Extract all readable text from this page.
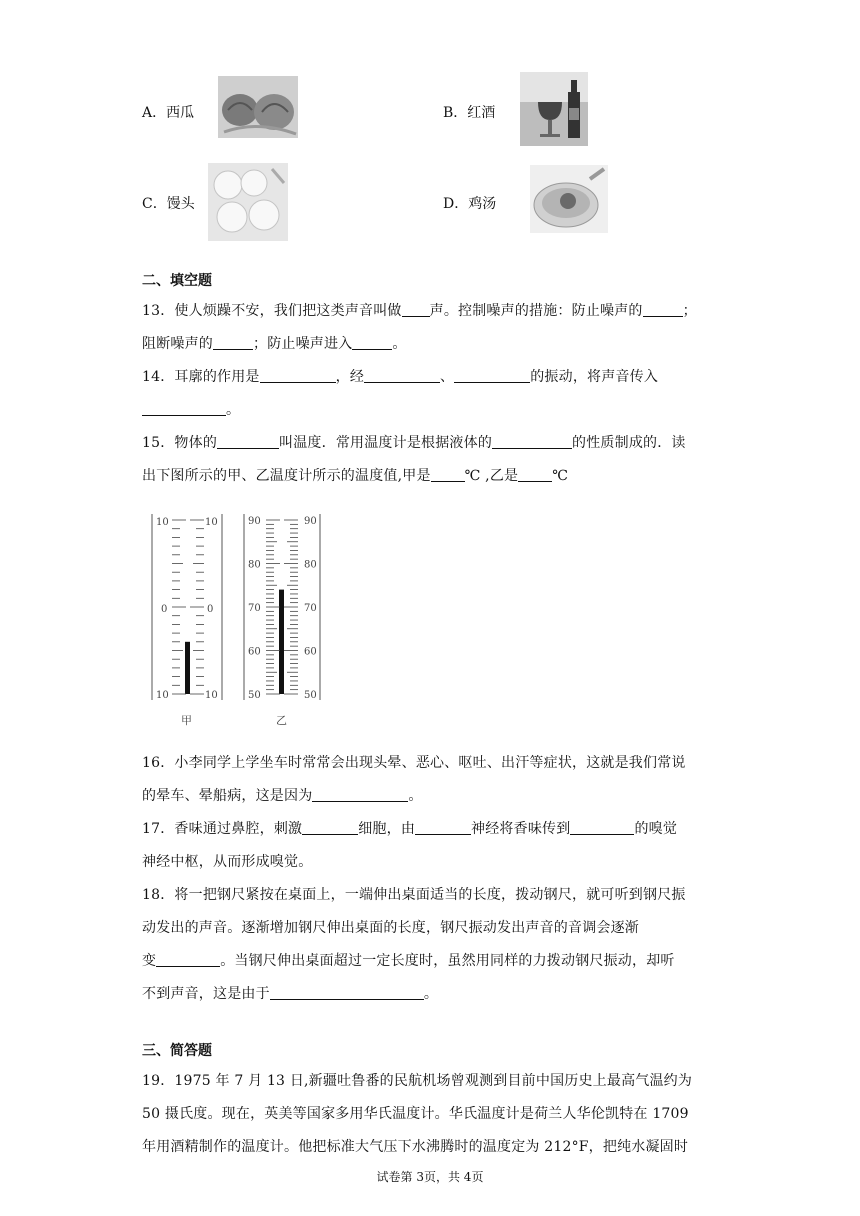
A．西瓜	B．红酒
C．馒头	D．鸡汤
二、填空题
13．使人烦躁不安，我们把这类声音叫做 声。控制噪声的措施：防止噪声的	；
阻断噪声的	；防止噪声进入	。
14．耳廓的作用是	，经	、	的振动，将声音传入
。
15．物体的	叫温度．常用温度计是根据液体的	的性质制成的．读
出下图所示的甲、乙温度计所示的温度值,甲是 ℃ ,乙是 ℃
10	10
0	0
10	10
甲
90	90
80	80
70	70
60	60
50	50
乙
16．小李同学上学坐车时常常会出现头晕、恶心、呕吐、出汗等症状，这就是我们常说
的晕车、晕船病，这是因为	。
17．香味通过鼻腔，刺激	细胞，由	神经将香味传到	的嗅觉
神经中枢，从而形成嗅觉。
18．将一把钢尺紧按在桌面上，一端伸出桌面适当的长度，拨动钢尺，就可听到钢尺振
动发出的声音。逐渐增加钢尺伸出桌面的长度，钢尺振动发出声音的音调会逐渐
变	。当钢尺伸出桌面超过一定长度时，虽然用同样的力拨动钢尺振动，却听
不到声音，这是由于	。
三、简答题
19．1975 年 7 月 13 日,新疆吐鲁番的民航机场曾观测到目前中国历史上最高气温约为
50 摄氏度。现在，英美等国家多用华氏温度计。华氏温度计是荷兰人华伦凯特在 1709
年用酒精制作的温度计。他把标准大气压下水沸腾时的温度定为 212°F，把纯水凝固时
试卷第 3页，共 4页
